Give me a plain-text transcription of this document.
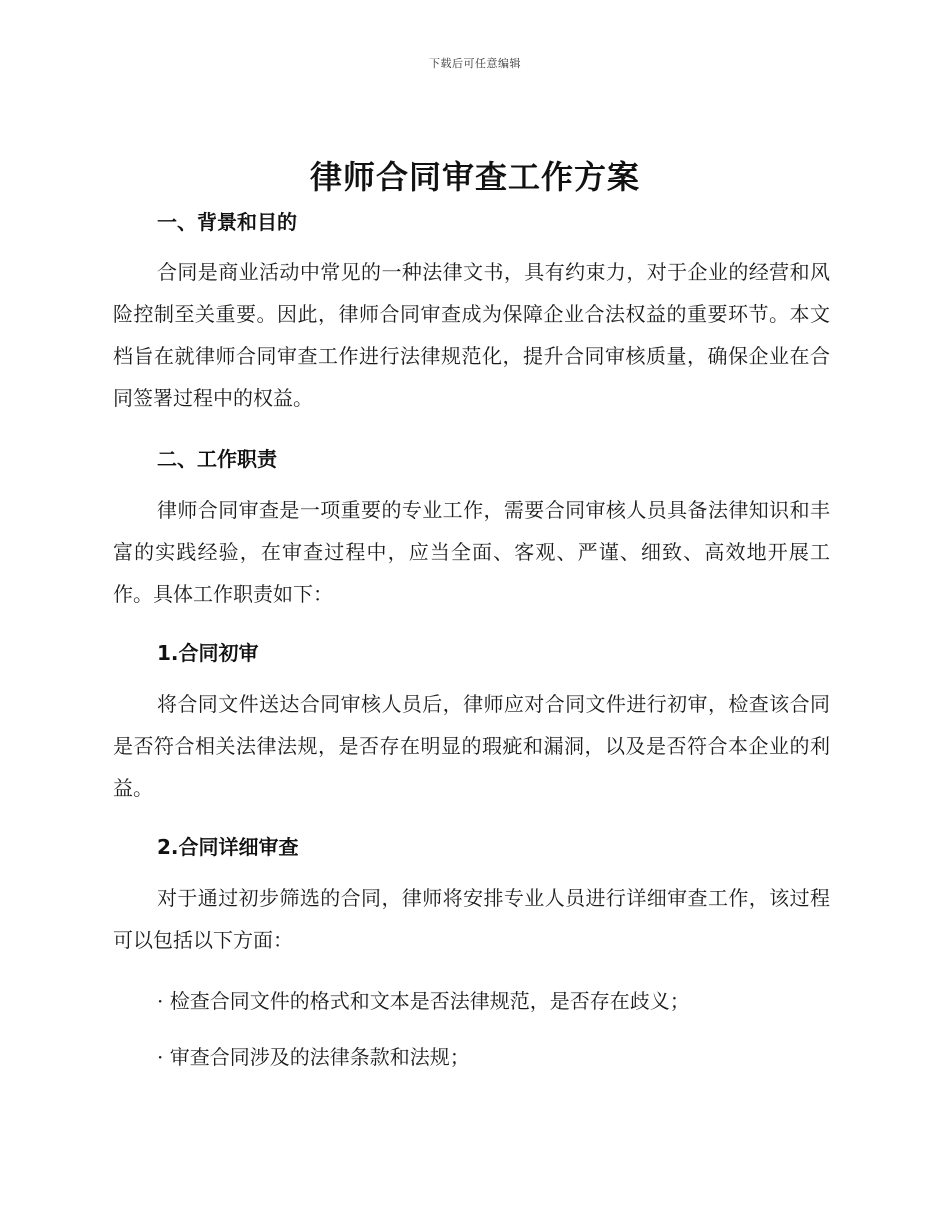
下载后可任意编辑
律师合同审查工作方案
一、背景和目的
合同是商业活动中常见的一种法律文书，具有约束力，对于企业的经营和风险控制至关重要。因此，律师合同审查成为保障企业合法权益的重要环节。本文档旨在就律师合同审查工作进行法律规范化，提升合同审核质量，确保企业在合同签署过程中的权益。
二、工作职责
律师合同审查是一项重要的专业工作，需要合同审核人员具备法律知识和丰富的实践经验，在审查过程中，应当全面、客观、严谨、细致、高效地开展工作。具体工作职责如下：
1.合同初审
将合同文件送达合同审核人员后，律师应对合同文件进行初审，检查该合同是否符合相关法律法规，是否存在明显的瑕疵和漏洞，以及是否符合本企业的利益。
2.合同详细审查
对于通过初步筛选的合同，律师将安排专业人员进行详细审查工作，该过程可以包括以下方面：
· 检查合同文件的格式和文本是否法律规范，是否存在歧义；
· 审查合同涉及的法律条款和法规；
